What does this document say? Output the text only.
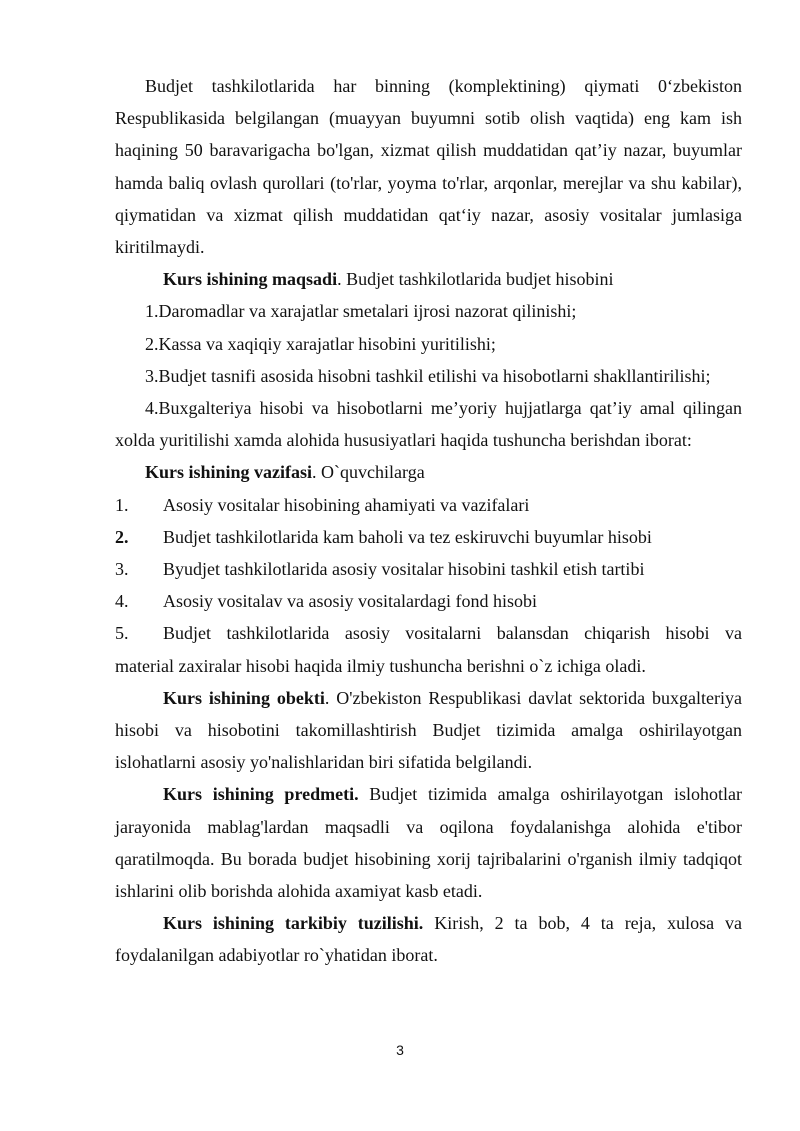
Budjet tashkilotlarida har binning (komplektining) qiymati 0‘zbekiston Respublikasida belgilangan (muayyan buyumni sotib olish vaqtida) eng kam ish haqining 50 baravarigacha bo'lgan, xizmat qilish muddatidan qat’iy nazar, buyumlar hamda baliq ovlash qurollari (to'rlar, yoyma to'rlar, arqonlar, merejlar va shu kabilar), qiymatidan va xizmat qilish muddatidan qat‘iy nazar, asosiy vositalar jumlasiga kiritilmaydi.

Kurs ishining maqsadi. Budjet tashkilotlarida budjet hisobini

1.Daromadlar va xarajatlar smetalari ijrosi nazorat qilinishi;

2.Kassa va xaqiqiy xarajatlar hisobini yuritilishi;

3.Budjet tasnifi asosida hisobni tashkil etilishi va hisobotlarni shakllantirilishi;

4.Buxgalteriya hisobi va hisobotlarni me’yoriy hujjatlarga qat’iy amal qilingan xolda yuritilishi xamda alohida hususiyatlari haqida tushuncha berishdan iborat:

Kurs ishining vazifasi. O`quvchilarga

1.	Asosiy vositalar hisobining ahamiyati va vazifalari
2.	Budjet tashkilotlarida kam baholi va tez eskiruvchi buyumlar hisobi
3.	Byudjet tashkilotlarida asosiy vositalar hisobini tashkil etish tartibi
4.	Asosiy vositalav va asosiy vositalardagi fond hisobi
5.	Budjet tashkilotlarida asosiy vositalarni balansdan chiqarish hisobi va

material zaxiralar hisobi haqida ilmiy tushuncha berishni o`z ichiga oladi.

Kurs ishining obekti. O'zbekiston Respublikasi davlat sektorida buxgalteriya hisobi va hisobotini takomillashtirish Budjet tizimida amalga oshirilayotgan islohatlarni asosiy yo'nalishlaridan biri sifatida belgilandi.

Kurs ishining predmeti. Budjet tizimida amalga oshirilayotgan islohotlar jarayonida mablag'lardan maqsadli va oqilona foydalanishga alohida e'tibor qaratilmoqda. Bu borada budjet hisobining xorij tajribalarini o'rganish ilmiy tadqiqot ishlarini olib borishda alohida axamiyat kasb etadi.

Kurs ishining tarkibiy tuzilishi. Kirish, 2 ta bob, 4 ta reja, xulosa va foydalanilgan adabiyotlar ro`yhatidan iborat.

3
